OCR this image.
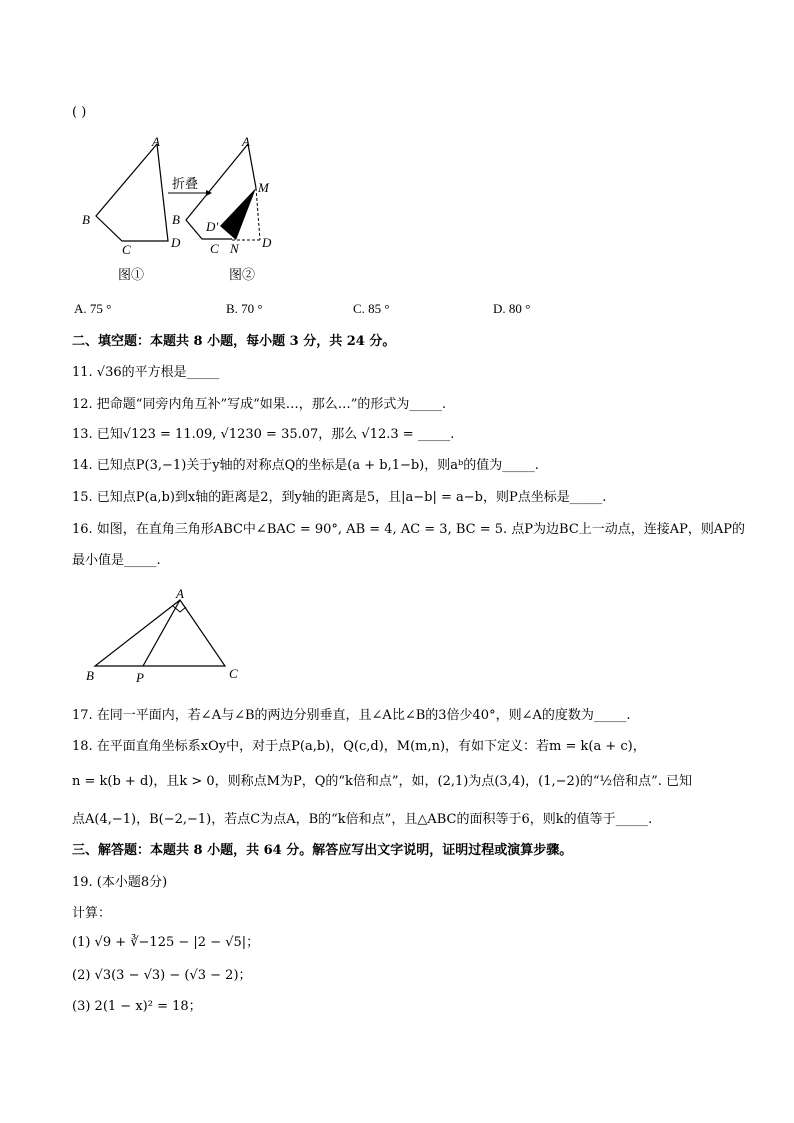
( )
A
B
C	D
图①
折叠
A
M
B D'
C N D
图②
A. 75 °	B. 70 °	C. 85 °	D. 80 °
二、填空题：本题共 8 小题，每小题 3 分，共 24 分。
11. √36的平方根是_____
12. 把命题“同旁内角互补”写成“如果…，那么…”的形式为_____.
13. 已知√123 = 11.09, √1230 = 35.07，那么 √12.3 = _____.
14. 已知点P(3,−1)关于y轴的对称点Q的坐标是(a + b,1−b)，则aᵇ的值为_____.
15. 已知点P(a,b)到x轴的距离是2，到y轴的距离是5，且|a−b| = a−b，则P点坐标是_____.
16. 如图，在直角三角形ABC中∠BAC = 90°, AB = 4, AC = 3, BC = 5. 点P为边BC上一动点，连接AP，则AP的
最小值是_____.
A
B	P	C
17. 在同一平面内，若∠A与∠B的两边分别垂直，且∠A比∠B的3倍少40°，则∠A的度数为_____.
18. 在平面直角坐标系xOy中，对于点P(a,b)，Q(c,d)，M(m,n)，有如下定义：若m = k(a + c)，
n = k(b + d)，且k > 0，则称点M为P，Q的“k倍和点”，如，(2,1)为点(3,4)，(1,−2)的“½倍和点”. 已知
点A(4,−1)，B(−2,−1)，若点C为点A，B的“k倍和点”，且△ABC的面积等于6，则k的值等于_____.
三、解答题：本题共 8 小题，共 64 分。解答应写出文字说明，证明过程或演算步骤。
19. (本小题8分)
计算：
(1) √9 + ∛−125 − |2 − √5|；
(2) √3(3 − √3) − (√3 − 2)；
(3) 2(1 − x)² = 18；
